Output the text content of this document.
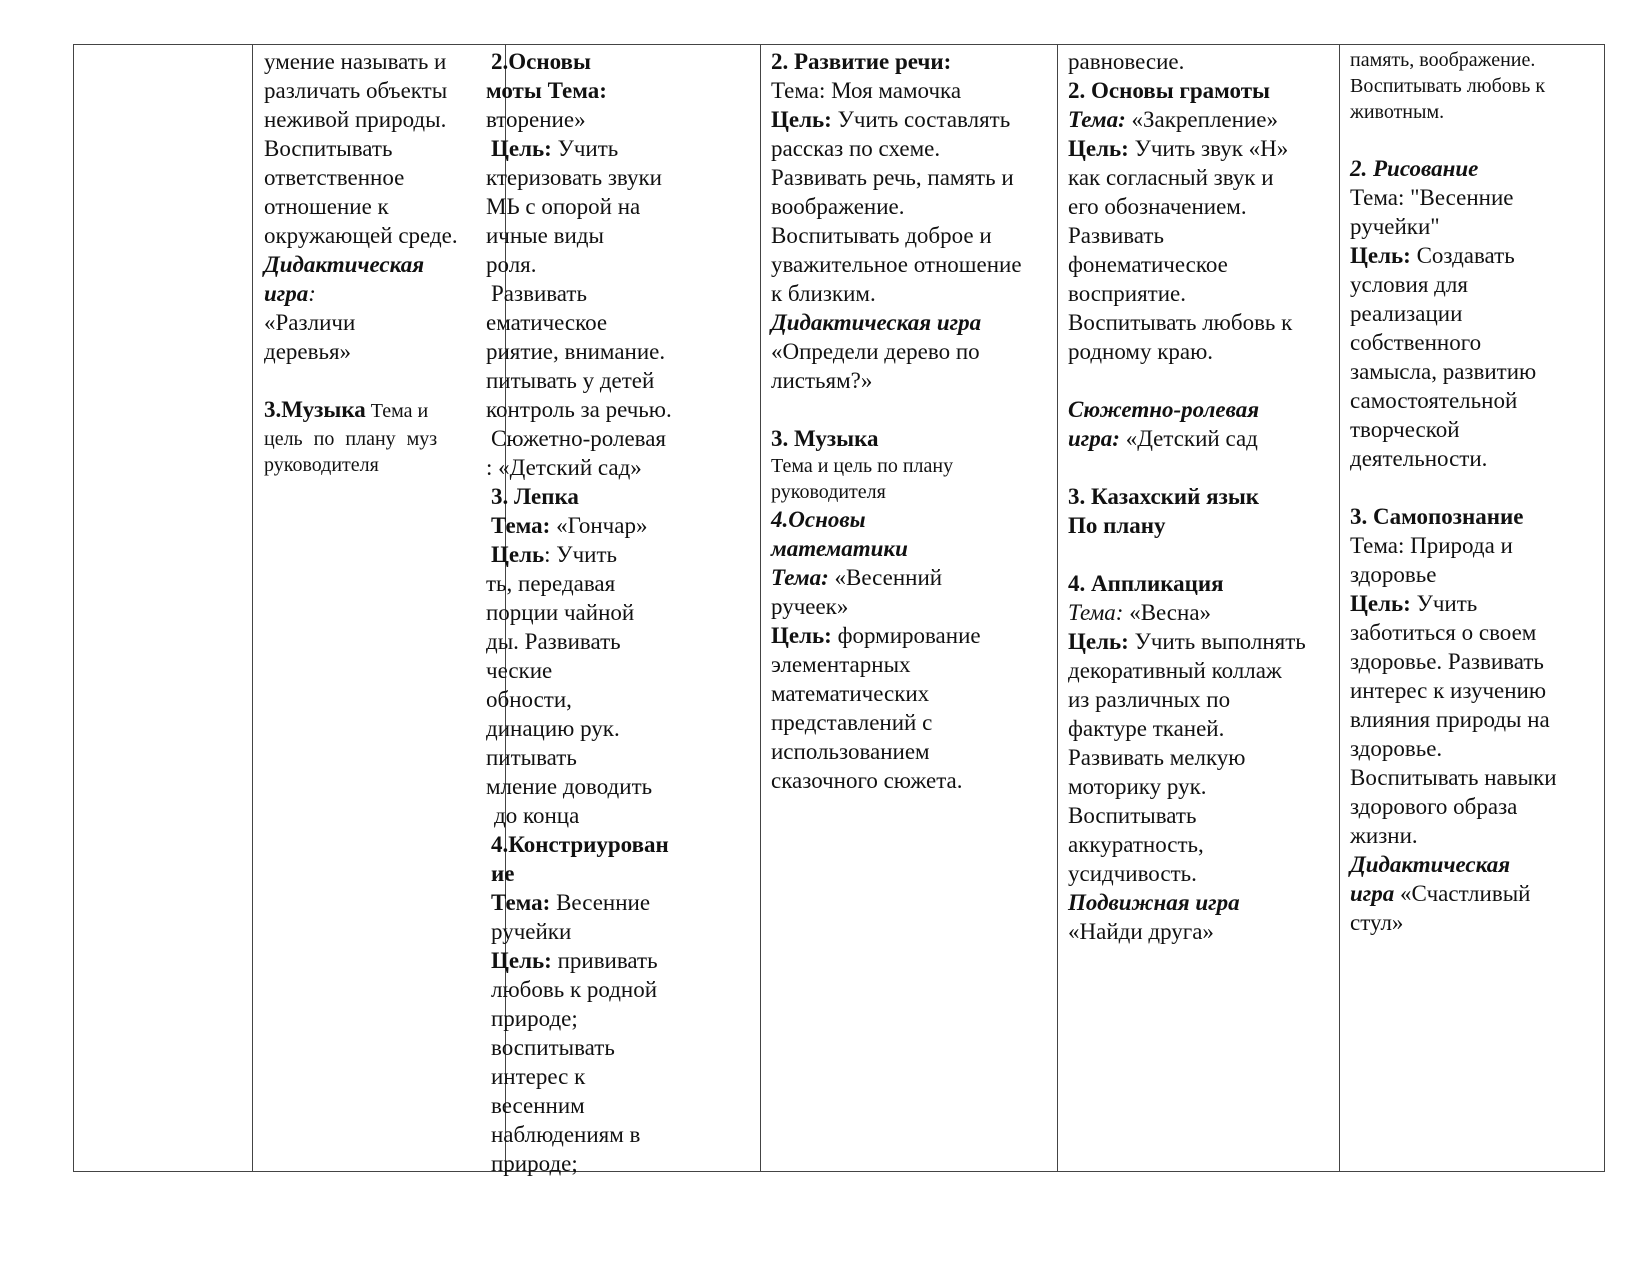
умение называть и

различать объекты

неживой природы.

Воспитывать

ответственное

отношение к

окружающей среде.

Дидактическая

игра:

«Различи

деревья»

3.Музыка Тема и

цель по плану муз

руководителя

2.Основы

моты Тема:

вторение»

Цель: Учить

ктеризовать звуки

МЬ с опорой на

ичные виды

роля.

Развивать

ематическое

риятие, внимание.

питывать у детей

контроль за речью.

Сюжетно-ролевая

: «Детский сад»

3. Лепка

Тема: «Гончар»

Цель: Учить

ть, передавая

порции чайной

ды. Развивать

ческие

обности,

динацию рук.

питывать

мление доводить

до конца

4.Констриурован

ие

Тема: Весенние

ручейки

Цель: прививать

любовь к родной

природе;

воспитывать

интерес к

весенним

наблюдениям в

природе;

2. Развитие речи:

Тема: Моя мамочка

Цель: Учить составлять

рассказ по схеме.

Развивать речь, память и

воображение.

Воспитывать доброе и

уважительное отношение

к близким.

Дидактическая игра

«Определи дерево по

листьям?»

3. Музыка

Тема и цель по плану

руководителя

4.Основы

математики

Тема: «Весенний

ручеек»

Цель: формирование

элементарных

математических

представлений с

использованием

сказочного сюжета.

равновесие.

2. Основы грамоты

Тема: «Закрепление»

Цель: Учить звук «Н»

как согласный звук и

его обозначением.

Развивать

фонематическое

восприятие.

Воспитывать любовь к

родному краю.

Сюжетно-ролевая

игра: «Детский сад

3. Казахский язык

По плану

4. Аппликация

Тема: «Весна»

Цель: Учить выполнять

декоративный коллаж

из различных по

фактуре тканей.

Развивать мелкую

моторику рук.

Воспитывать

аккуратность,

усидчивость.

Подвижная игра

«Найди друга»

память, воображение.

Воспитывать любовь к

животным.

2. Рисование

Тема: "Весенние

ручейки"

Цель: Создавать

условия для

реализации

собственного

замысла, развитию

самостоятельной

творческой

деятельности.

3. Самопознание

Тема: Природа и

здоровье

Цель: Учить

заботиться о своем

здоровье. Развивать

интерес к изучению

влияния природы на

здоровье.

Воспитывать навыки

здорового образа

жизни.

Дидактическая

игра «Счастливый

стул»
